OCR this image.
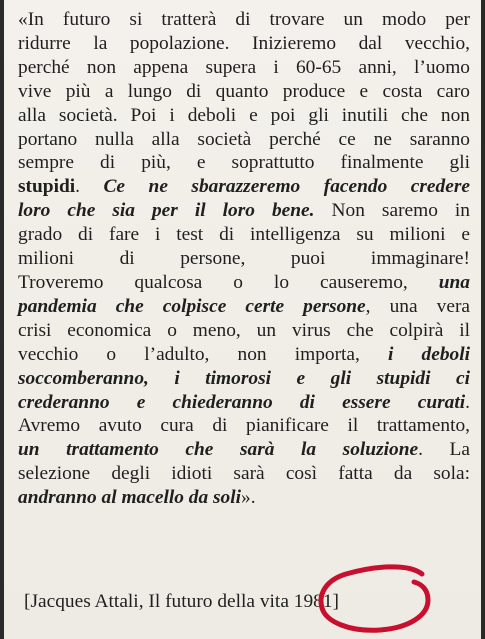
«In futuro si tratterà di trovare un modo per
ridurre la popolazione. Inizieremo dal vecchio,
perché non appena supera i 60-65 anni, l’uomo
vive più a lungo di quanto produce e costa caro
alla società. Poi i deboli e poi gli inutili che non
portano nulla alla società perché ce ne saranno
sempre di più, e soprattutto finalmente gli
stupidi. Ce ne sbarazzeremo facendo credere
loro che sia per il loro bene. Non saremo in
grado di fare i test di intelligenza su milioni e
milioni di persone, puoi immaginare!
Troveremo qualcosa o lo causeremo, una
pandemia che colpisce certe persone, una vera
crisi economica o meno, un virus che colpirà il
vecchio o l’adulto, non importa, i deboli
soccomberanno, i timorosi e gli stupidi ci
crederanno e chiederanno di essere curati.
Avremo avuto cura di pianificare il trattamento,
un trattamento che sarà la soluzione. La
selezione degli idioti sarà così fatta da sola:
andranno al macello da soli».
[Jacques Attali, Il futuro della vita 1981]
